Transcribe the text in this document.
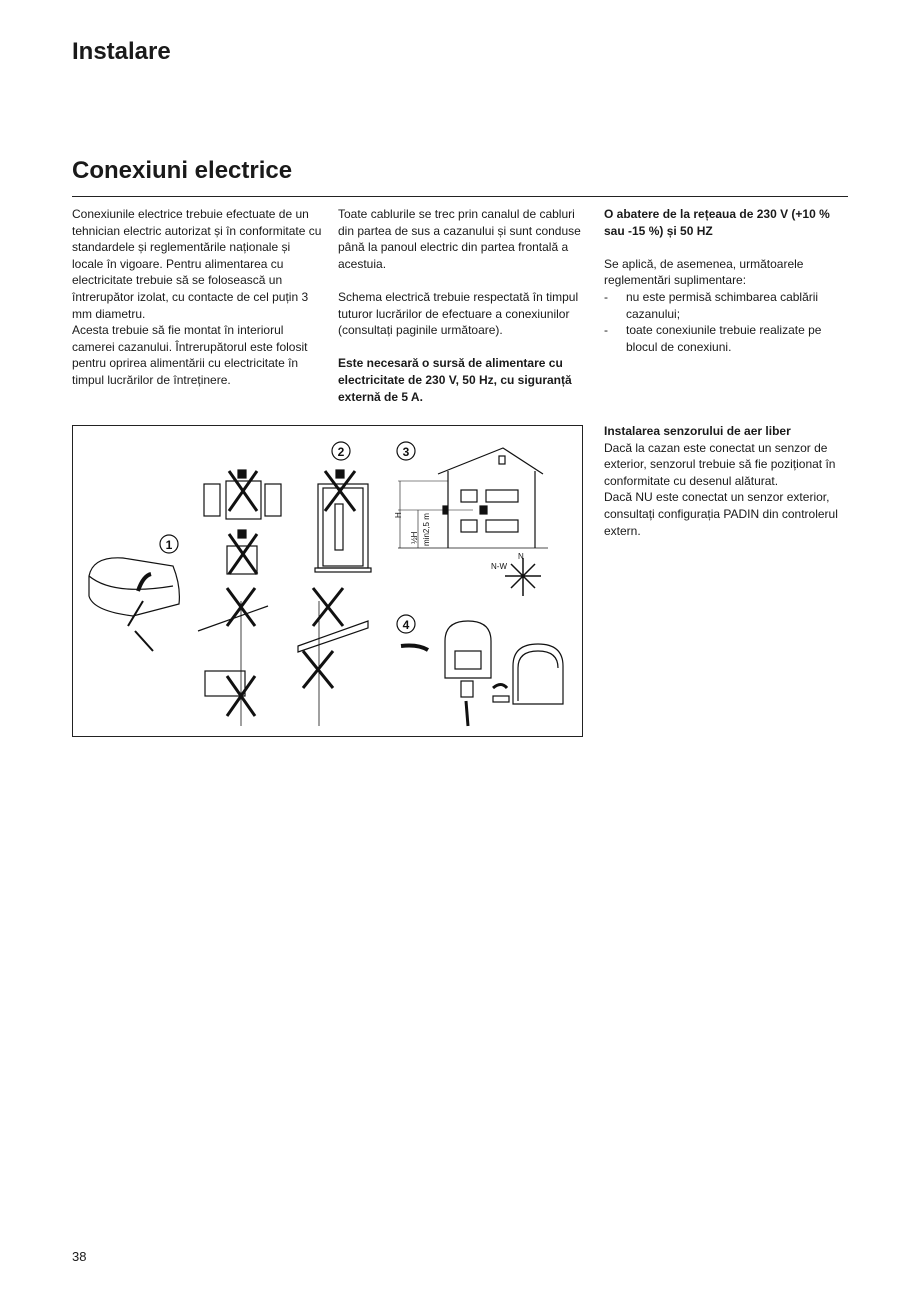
Instalare
Conexiuni electrice

Conexiunile electrice trebuie efectuate de un tehnician electric autorizat și în conformitate cu standardele și reglementările naționale și locale în vigoare. Pentru alimentarea cu electricitate trebuie să se folosească un întrerupător izolat, cu contacte de cel puțin 3 mm diametru.

Acesta trebuie să fie montat în interiorul camerei cazanului. Întrerupătorul este folosit pentru oprirea alimentării cu electricitate în timpul lucrărilor de întreținere.

Toate cablurile se trec prin canalul de cabluri din partea de sus a cazanului și sunt conduse până la panoul electric din partea frontală a acestuia.

Schema electrică trebuie respectată în timpul tuturor lucrărilor de efectuare a conexiunilor (consultați paginile următoare).

Este necesară o sursă de alimentare cu electricitate de 230 V, 50 Hz, cu siguranță externă de 5 A.

O abatere de la rețeaua de 230 V (+10 % sau -15 %) și 50 HZ

Se aplică, de asemenea, următoarele reglementări suplimentare:

- nu este permisă schimbarea cablării cazanului;
- toate conexiunile trebuie realizate pe blocul de conexiuni.

Instalarea senzorului de aer liber

Dacă la cazan este conectat un senzor de exterior, senzorul trebuie să fie poziționat în conformitate cu desenul alăturat.

Dacă NU este conectat un senzor exterior, consultați configurația PADIN din controlerul extern.

1
2	3
4
H
½H min2,5 m
N-W
N
38
